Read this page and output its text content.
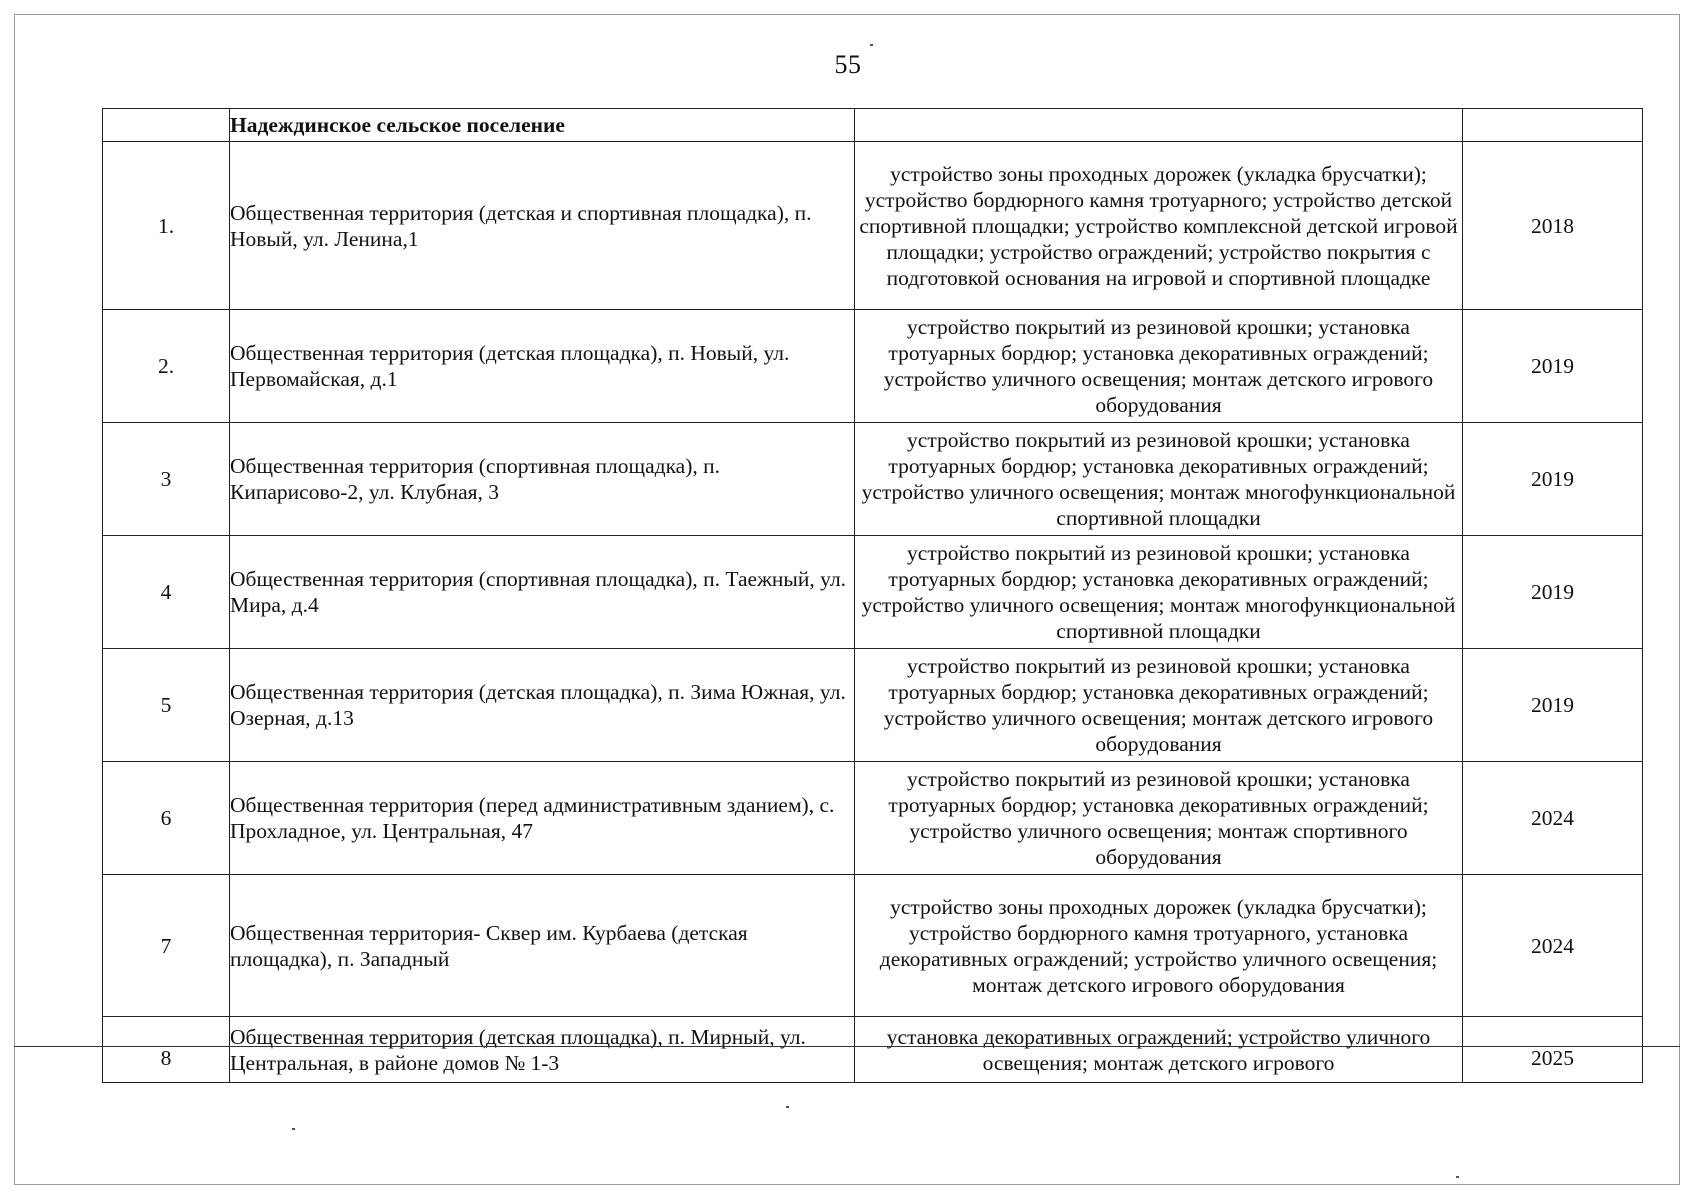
55
	Надеждинское сельское поселение		
1.	Общественная территория (детская и спортивная площадка), п. Новый, ул. Ленина,1	устройство зоны проходных дорожек (укладка брусчатки); устройство бордюрного камня тротуарного; устройство детской спортивной площадки; устройство комплексной детской игровой площадки; устройство ограждений; устройство покрытия с подготовкой основания на игровой и спортивной площадке	2018
2.	Общественная территория (детская площадка), п. Новый, ул. Первомайская, д.1	устройство покрытий из резиновой крошки; установка тротуарных бордюр; установка декоративных ограждений; устройство уличного освещения; монтаж детского игрового оборудования	2019
3	Общественная территория (спортивная площадка), п. Кипарисово-2, ул. Клубная, 3	устройство покрытий из резиновой крошки; установка тротуарных бордюр; установка декоративных ограждений; устройство уличного освещения; монтаж многофункциональной спортивной площадки	2019
4	Общественная территория (спортивная площадка), п. Таежный, ул. Мира, д.4	устройство покрытий из резиновой крошки; установка тротуарных бордюр; установка декоративных ограждений; устройство уличного освещения; монтаж многофункциональной спортивной площадки	2019
5	Общественная территория (детская площадка), п. Зима Южная, ул. Озерная, д.13	устройство покрытий из резиновой крошки; установка тротуарных бордюр; установка декоративных ограждений; устройство уличного освещения; монтаж детского игрового оборудования	2019
6	Общественная территория (перед административным зданием), с. Прохладное, ул. Центральная, 47	устройство покрытий из резиновой крошки; установка тротуарных бордюр; установка декоративных ограждений; устройство уличного освещения; монтаж спортивного оборудования	2024
7	Общественная территория- Сквер им. Курбаева (детская площадка), п. Западный	устройство зоны проходных дорожек (укладка брусчатки); устройство бордюрного камня тротуарного, установка декоративных ограждений; устройство уличного освещения; монтаж детского игрового оборудования	2024
8	Общественная территория (детская площадка), п. Мирный, ул. Центральная, в районе домов № 1-3	установка декоративных ограждений; устройство уличного освещения; монтаж детского игрового	2025
